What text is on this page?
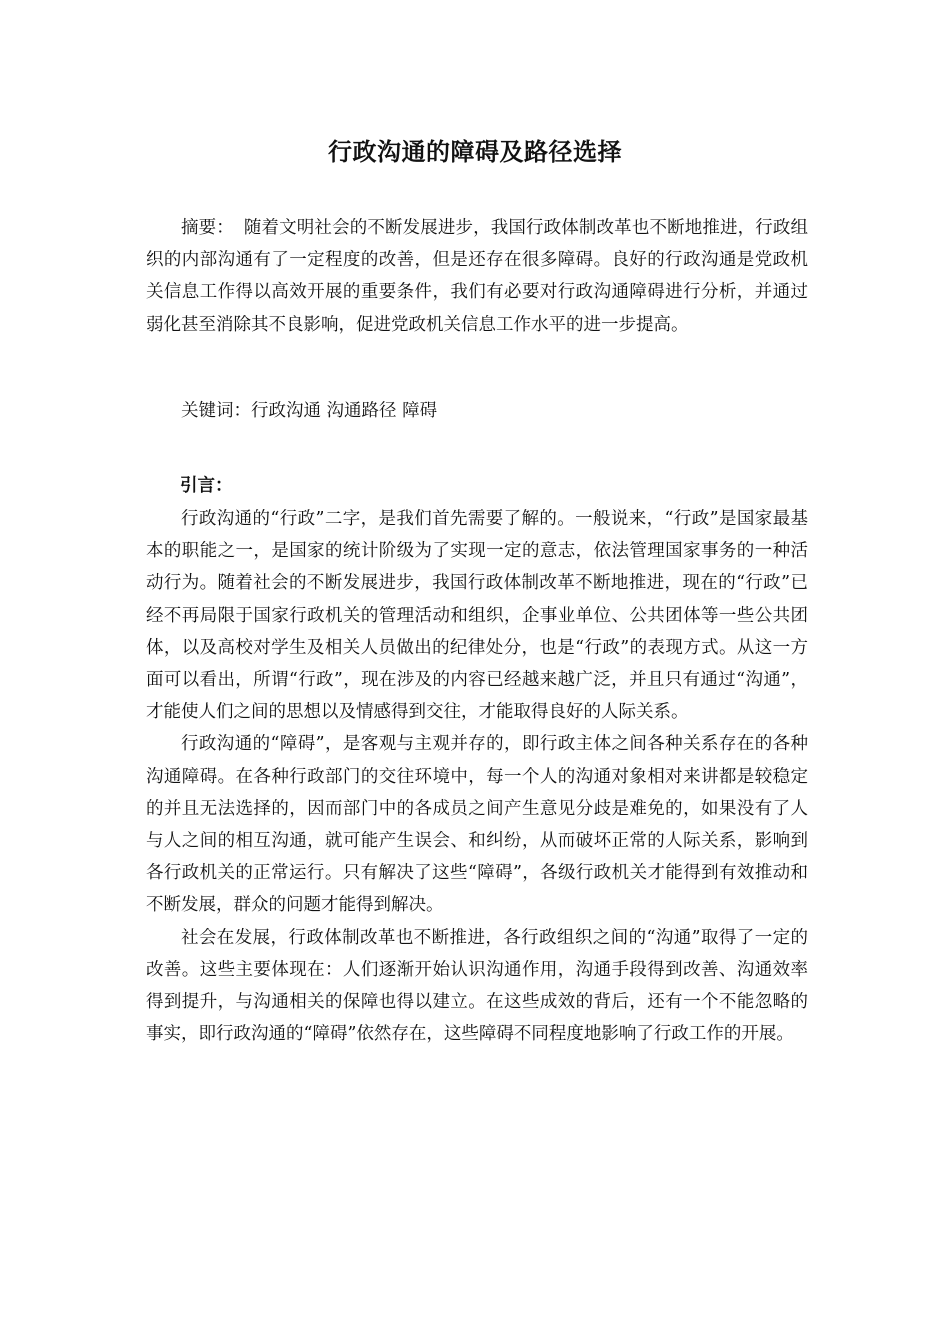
行政沟通的障碍及路径选择

摘要： 随着文明社会的不断发展进步，我国行政体制改革也不断地推进，行政组织的内部沟通有了一定程度的改善，但是还存在很多障碍。良好的行政沟通是党政机关信息工作得以高效开展的重要条件，我们有必要对行政沟通障碍进行分析，并通过弱化甚至消除其不良影响，促进党政机关信息工作水平的进一步提高。

关键词：行政沟通 沟通路径 障碍

引言：

行政沟通的“行政”二字，是我们首先需要了解的。一般说来，“行政”是国家最基本的职能之一，是国家的统计阶级为了实现一定的意志，依法管理国家事务的一种活动行为。随着社会的不断发展进步，我国行政体制改革不断地推进，现在的“行政”已经不再局限于国家行政机关的管理活动和组织，企事业单位、公共团体等一些公共团体，以及高校对学生及相关人员做出的纪律处分，也是“行政”的表现方式。从这一方面可以看出，所谓“行政”，现在涉及的内容已经越来越广泛，并且只有通过“沟通”，才能使人们之间的思想以及情感得到交往，才能取得良好的人际关系。

行政沟通的“障碍”，是客观与主观并存的，即行政主体之间各种关系存在的各种沟通障碍。在各种行政部门的交往环境中，每一个人的沟通对象相对来讲都是较稳定的并且无法选择的，因而部门中的各成员之间产生意见分歧是难免的，如果没有了人与人之间的相互沟通，就可能产生误会、和纠纷，从而破坏正常的人际关系，影响到各行政机关的正常运行。只有解决了这些“障碍”，各级行政机关才能得到有效推动和不断发展，群众的问题才能得到解决。

社会在发展，行政体制改革也不断推进，各行政组织之间的“沟通”取得了一定的改善。这些主要体现在：人们逐渐开始认识沟通作用，沟通手段得到改善、沟通效率得到提升，与沟通相关的保障也得以建立。在这些成效的背后，还有一个不能忽略的事实，即行政沟通的“障碍”依然存在，这些障碍不同程度地影响了行政工作的开展。
